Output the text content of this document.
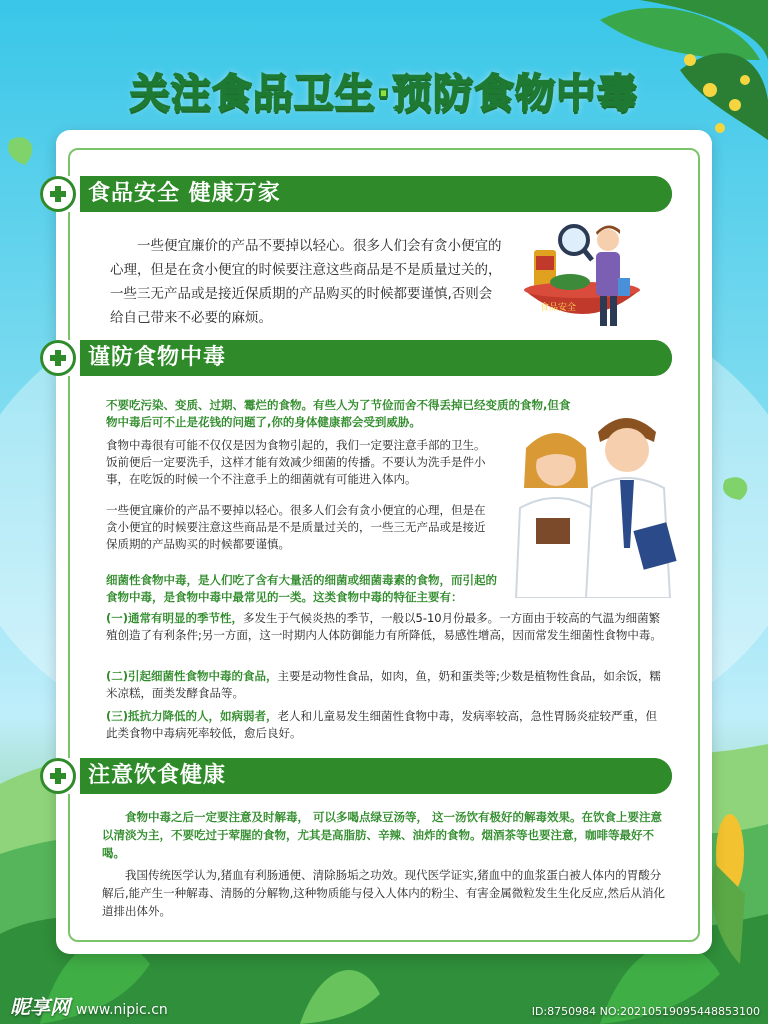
关注食品卫生·预防食物中毒
食品安全 健康万家

一些便宜廉价的产品不要掉以轻心。很多人们会有贪小便宜的心理，但是在贪小便宜的时候要注意这些商品是不是质量过关的，一些三无产品或是接近保质期的产品购买的时候都要谨慎,否则会给自己带来不必要的麻烦。

食品安全
谨防食物中毒

不要吃污染、变质、过期、霉烂的食物。有些人为了节俭而舍不得丢掉已经变质的食物,但食物中毒后可不止是花钱的问题了,你的身体健康都会受到威胁。

食物中毒很有可能不仅仅是因为食物引起的，我们一定要注意手部的卫生。饭前便后一定要洗手，这样才能有效减少细菌的传播。不要认为洗手是件小事，在吃饭的时候一个不注意手上的细菌就有可能进入体内。

一些便宜廉价的产品不要掉以轻心。很多人们会有贪小便宜的心理，但是在贪小便宜的时候要注意这些商品是不是质量过关的，一些三无产品或是接近保质期的产品购买的时候都要谨慎。

细菌性食物中毒，是人们吃了含有大量活的细菌或细菌毒素的食物，而引起的食物中毒，是食物中毒中最常见的一类。这类食物中毒的特征主要有：

(一)通常有明显的季节性，多发生于气候炎热的季节，一般以5-10月份最多。一方面由于较高的气温为细菌繁殖创造了有利条件;另一方面，这一时期内人体防御能力有所降低，易感性增高，因而常发生细菌性食物中毒。

(二)引起细菌性食物中毒的食品，主要是动物性食品，如肉，鱼，奶和蛋类等;少数是植物性食品，如余饭，糯米凉糕，面类发酵食品等。

(三)抵抗力降低的人，如病弱者，老人和儿童易发生细菌性食物中毒，发病率较高，急性胃肠炎症较严重，但此类食物中毒病死率较低，愈后良好。

注意饮食健康

食物中毒之后一定要注意及时解毒， 可以多喝点绿豆汤等， 这一汤饮有极好的解毒效果。在饮食上要注意以清淡为主，不要吃过于荤腥的食物，尤其是高脂肪、辛辣、油炸的食物。烟酒茶等也要注意，咖啡等最好不喝。

我国传统医学认为,猪血有利肠通便、清除肠垢之功效。现代医学证实,猪血中的血浆蛋白被人体内的胃酸分解后,能产生一种解毒、清肠的分解物,这种物质能与侵入人体内的粉尘、有害金属微粒发生生化反应,然后从消化道排出体外。

昵享网 www.nipic.cn	ID:8750984 NO:20210519095448853100
